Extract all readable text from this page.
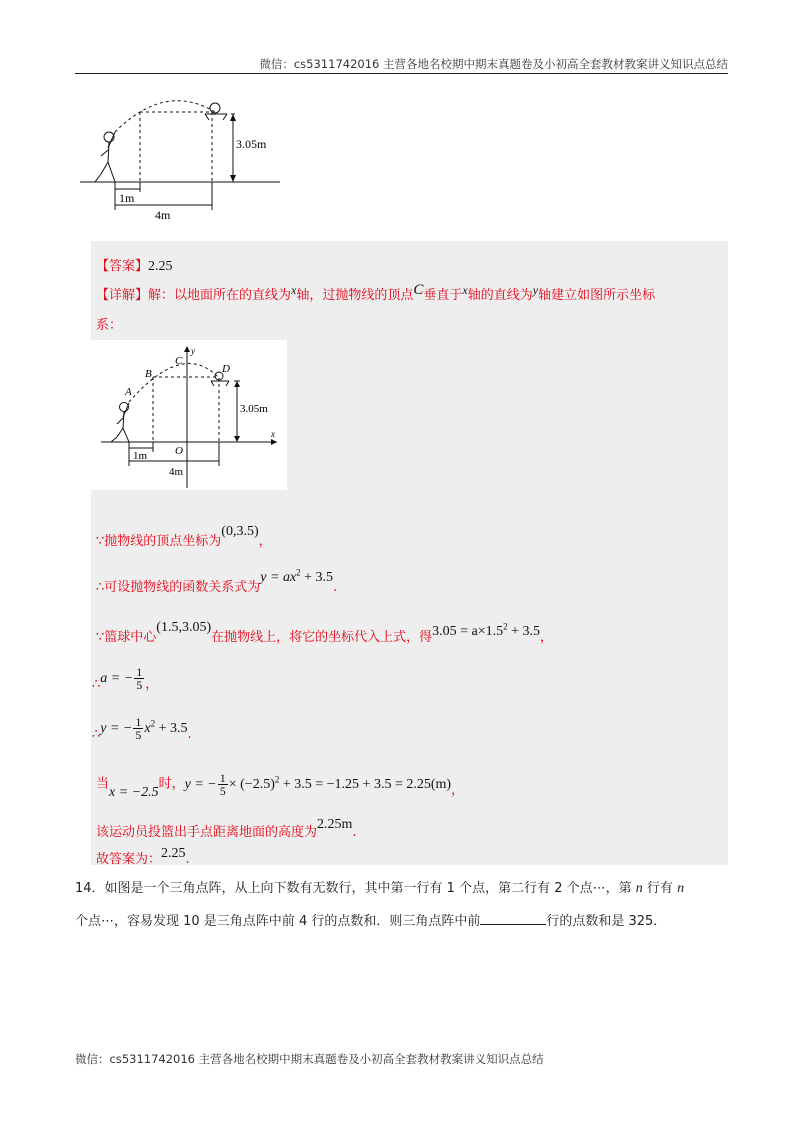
微信：cs5311742016 主营各地名校期中期末真题卷及小初高全套教材教案讲义知识点总结
3.05m
1m
4m
【答案】2.25
【详解】解：以地面所在的直线为x轴，过抛物线的顶点C垂直于x轴的直线为y轴建立如图所示坐标
系：
x
y
3.05m
A
B
C
D
O
1m
4m
∵抛物线的顶点坐标为(0,3.5)，
∴可设抛物线的函数关系式为$y = ax^2 + 3.5$.
∵篮球中心(1.5,3.05)在抛物线上，将它的坐标代入上式，得$3.05 = a\times 1.5^2 + 3.5$，
∴a = − $\frac{1}{5}$ ，
∴y = − $\frac{1}{5} x^2 + 3.5$.
当x = −2.5时，y = − $\frac{1}{5} \times (-2.5)^2 + 3.5 = -1.25 + 3.5 = 2.25(m)$，
该运动员投篮出手点距离地面的高度为2.25m.
故答案为：2.25.
14．如图是一个三角点阵，从上向下数有无数行，其中第一行有 1 个点，第二行有 2 个点⋯，第 n 行有 n
个点⋯，容易发现 10 是三角点阵中前 4 行的点数和．则三角点阵中前	行的点数和是 325．
微信：cs5311742016 主营各地名校期中期末真题卷及小初高全套教材教案讲义知识点总结
